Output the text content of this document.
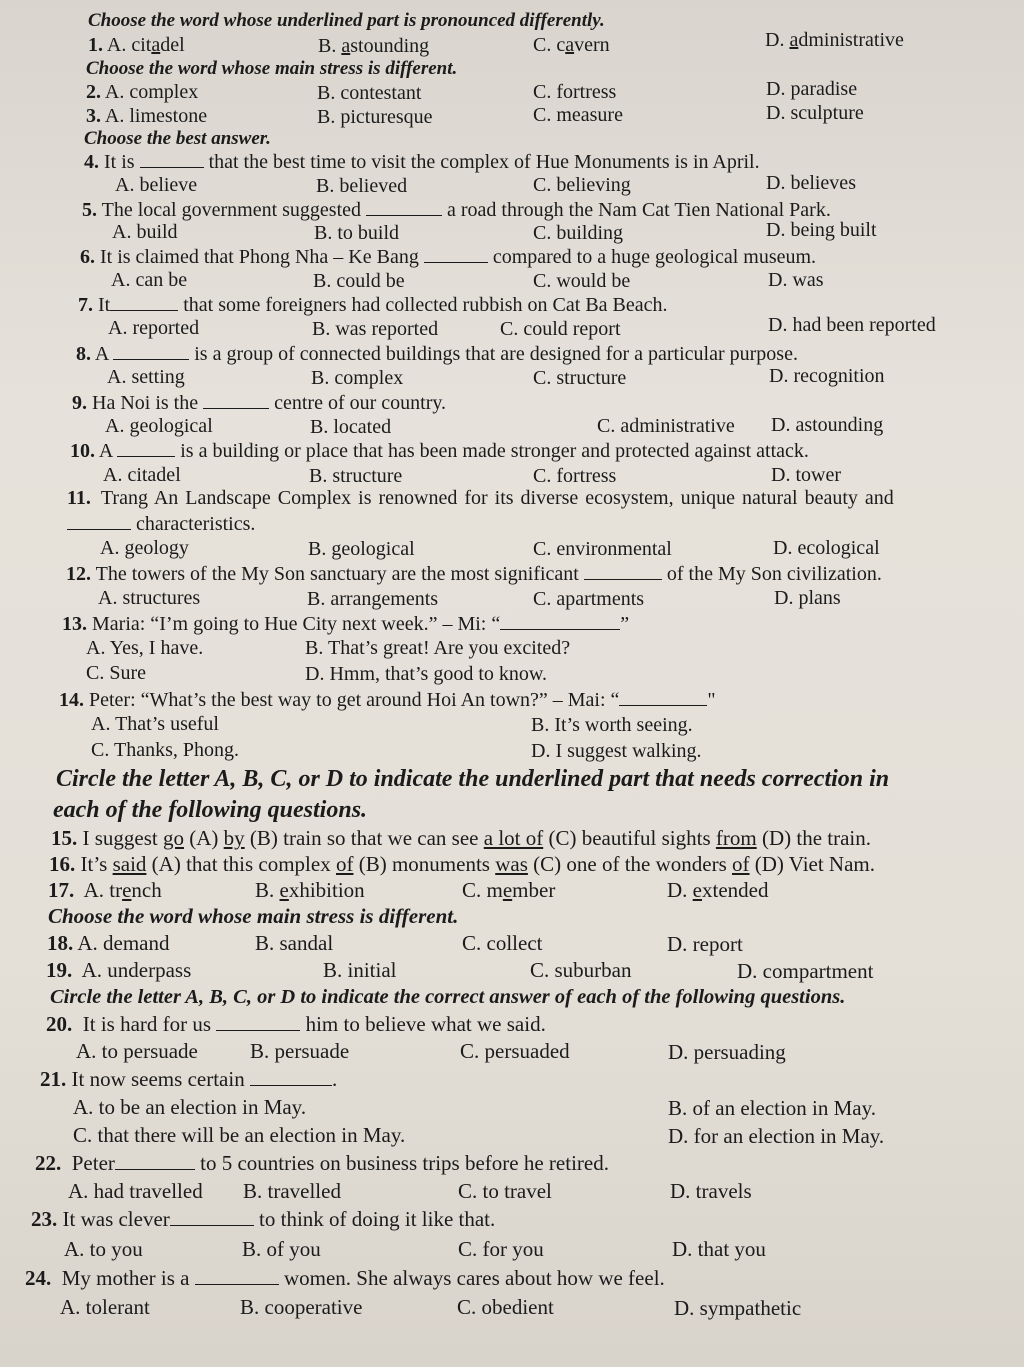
Choose the word whose underlined part is pronounced differently.
1. A. citadel	B. astounding	C. cavern	D. administrative
Choose the word whose main stress is different.
2. A. complex	B. contestant	C. fortress	D. paradise
3. A. limestone	B. picturesque	C. measure	D. sculpture
Choose the best answer.
4. It is	that the best time to visit the complex of Hue Monuments is in April.
A. believe	B. believed	C. believing	D. believes
5. The local government suggested	a road through the Nam Cat Tien National Park.
A. build	B. to build	C. building	D. being built
6. It is claimed that Phong Nha – Ke Bang	compared to a huge geological museum.
A. can be	B. could be	C. would be	D. was
7. It	that some foreigners had collected rubbish on Cat Ba Beach.
A. reported	B. was reported	C. could report	D. had been reported
8. A	is a group of connected buildings that are designed for a particular purpose.
A. setting	B. complex	C. structure	D. recognition
9. Ha Noi is the	centre of our country.
A. geological	B. located	C. administrative D. astounding
10. A	is a building or place that has been made stronger and protected against attack.
A. citadel	B. structure	C. fortress	D. tower
11. Trang An Landscape Complex is renowned for its diverse ecosystem, unique natural beauty and
characteristics.
A. geology	B. geological	C. environmental	D. ecological
12. The towers of the My Son sanctuary are the most significant	of the My Son civilization.
A. structures	B. arrangements	C. apartments	D. plans
13. Maria: “I’m going to Hue City next week.” – Mi: “	”
A. Yes, I have.	B. That’s great! Are you excited?
C. Sure	D. Hmm, that’s good to know.
14. Peter: “What’s the best way to get around Hoi An town?” – Mai: “	"
A. That’s useful	B. It’s worth seeing.
C. Thanks, Phong.	D. I suggest walking.
Circle the letter A, B, C, or D to indicate the underlined part that needs correction in
each of the following questions.
15. I suggest go (A) by (B) train so that we can see a lot of (C) beautiful sights from (D) the train.
16. It’s said (A) that this complex of (B) monuments was (C) one of the wonders of (D) Viet Nam.
17. A. trench	B. exhibition	C. member	D. extended
Choose the word whose main stress is different.
18. A. demand	B. sandal	C. collect	D. report
19. A. underpass	B. initial	C. suburban	D. compartment
Circle the letter A, B, C, or D to indicate the correct answer of each of the following questions.
20. It is hard for us	him to believe what we said.
A. to persuade B. persuade	C. persuaded	D. persuading
21. It now seems certain	.
A. to be an election in May.	B. of an election in May.
C. that there will be an election in May.	D. for an election in May.
22. Peter	to 5 countries on business trips before he retired.
A. had travelled B. travelled	C. to travel	D. travels
23. It was clever	to think of doing it like that.
A. to you	B. of you	C. for you	D. that you
24. My mother is a	women. She always cares about how we feel.
A. tolerant	B. cooperative	C. obedient	D. sympathetic
